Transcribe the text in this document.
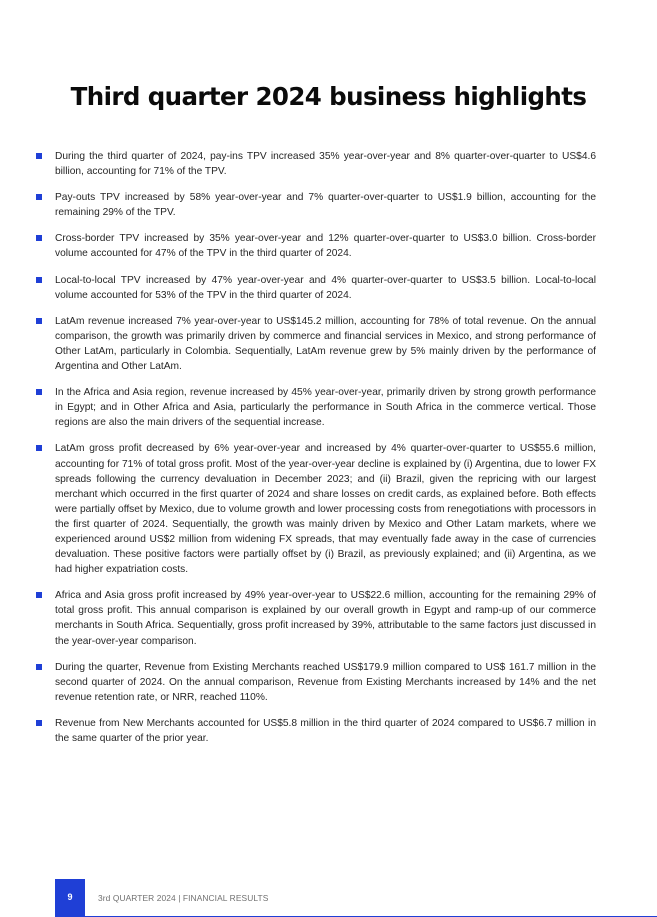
Third quarter 2024 business highlights
During the third quarter of 2024, pay-ins TPV increased 35% year-over-year and 8% quarter-over-quarter to US$4.6 billion, accounting for 71% of the TPV.
Pay-outs TPV increased by 58% year-over-year and 7% quarter-over-quarter to US$1.9 billion, accounting for the remaining 29% of the TPV.
Cross-border TPV increased by 35% year-over-year and 12% quarter-over-quarter to US$3.0 billion. Cross-border volume accounted for 47% of the TPV in the third quarter of 2024.
Local-to-local TPV increased by 47% year-over-year and 4% quarter-over-quarter to US$3.5 billion. Local-to-local volume accounted for 53% of the TPV in the third quarter of 2024.
LatAm revenue increased 7% year-over-year to US$145.2 million, accounting for 78% of total revenue. On the annual comparison, the growth was primarily driven by commerce and financial services in Mexico, and strong performance of Other LatAm, particularly in Colombia. Sequentially, LatAm revenue grew by 5% mainly driven by the performance of Argentina and Other LatAm.
In the Africa and Asia region, revenue increased by 45% year-over-year, primarily driven by strong growth performance in Egypt; and in Other Africa and Asia, particularly the performance in South Africa in the commerce vertical. Those regions are also the main drivers of the sequential increase.
LatAm gross profit decreased by 6% year-over-year and increased by 4% quarter-over-quarter to US$55.6 million, accounting for 71% of total gross profit. Most of the year-over-year decline is explained by (i) Argentina, due to lower FX spreads following the currency devaluation in December 2023; and (ii) Brazil, given the repricing with our largest merchant which occurred in the first quarter of 2024 and share losses on credit cards, as explained before. Both effects were partially offset by Mexico, due to volume growth and lower processing costs from renegotiations with processors in the first quarter of 2024. Sequentially, the growth was mainly driven by Mexico and Other Latam markets, where we experienced around US$2 million from widening FX spreads, that may eventually fade away in the case of currencies devaluation. These positive factors were partially offset by (i) Brazil, as previously explained; and (ii) Argentina, as we had higher expatriation costs.
Africa and Asia gross profit increased by 49% year-over-year to US$22.6 million, accounting for the remaining 29% of total gross profit. This annual comparison is explained by our overall growth in Egypt and ramp-up of our commerce merchants in South Africa. Sequentially, gross profit increased by 39%, attributable to the same factors just discussed in the year-over-year comparison.
During the quarter, Revenue from Existing Merchants reached US$179.9 million compared to US$ 161.7 million in the second quarter of 2024. On the annual comparison, Revenue from Existing Merchants increased by 14% and the net revenue retention rate, or NRR, reached 110%.
Revenue from New Merchants accounted for US$5.8 million in the third quarter of 2024 compared to US$6.7 million in the same quarter of the prior year.
9	3rd QUARTER 2024 | FINANCIAL RESULTS
